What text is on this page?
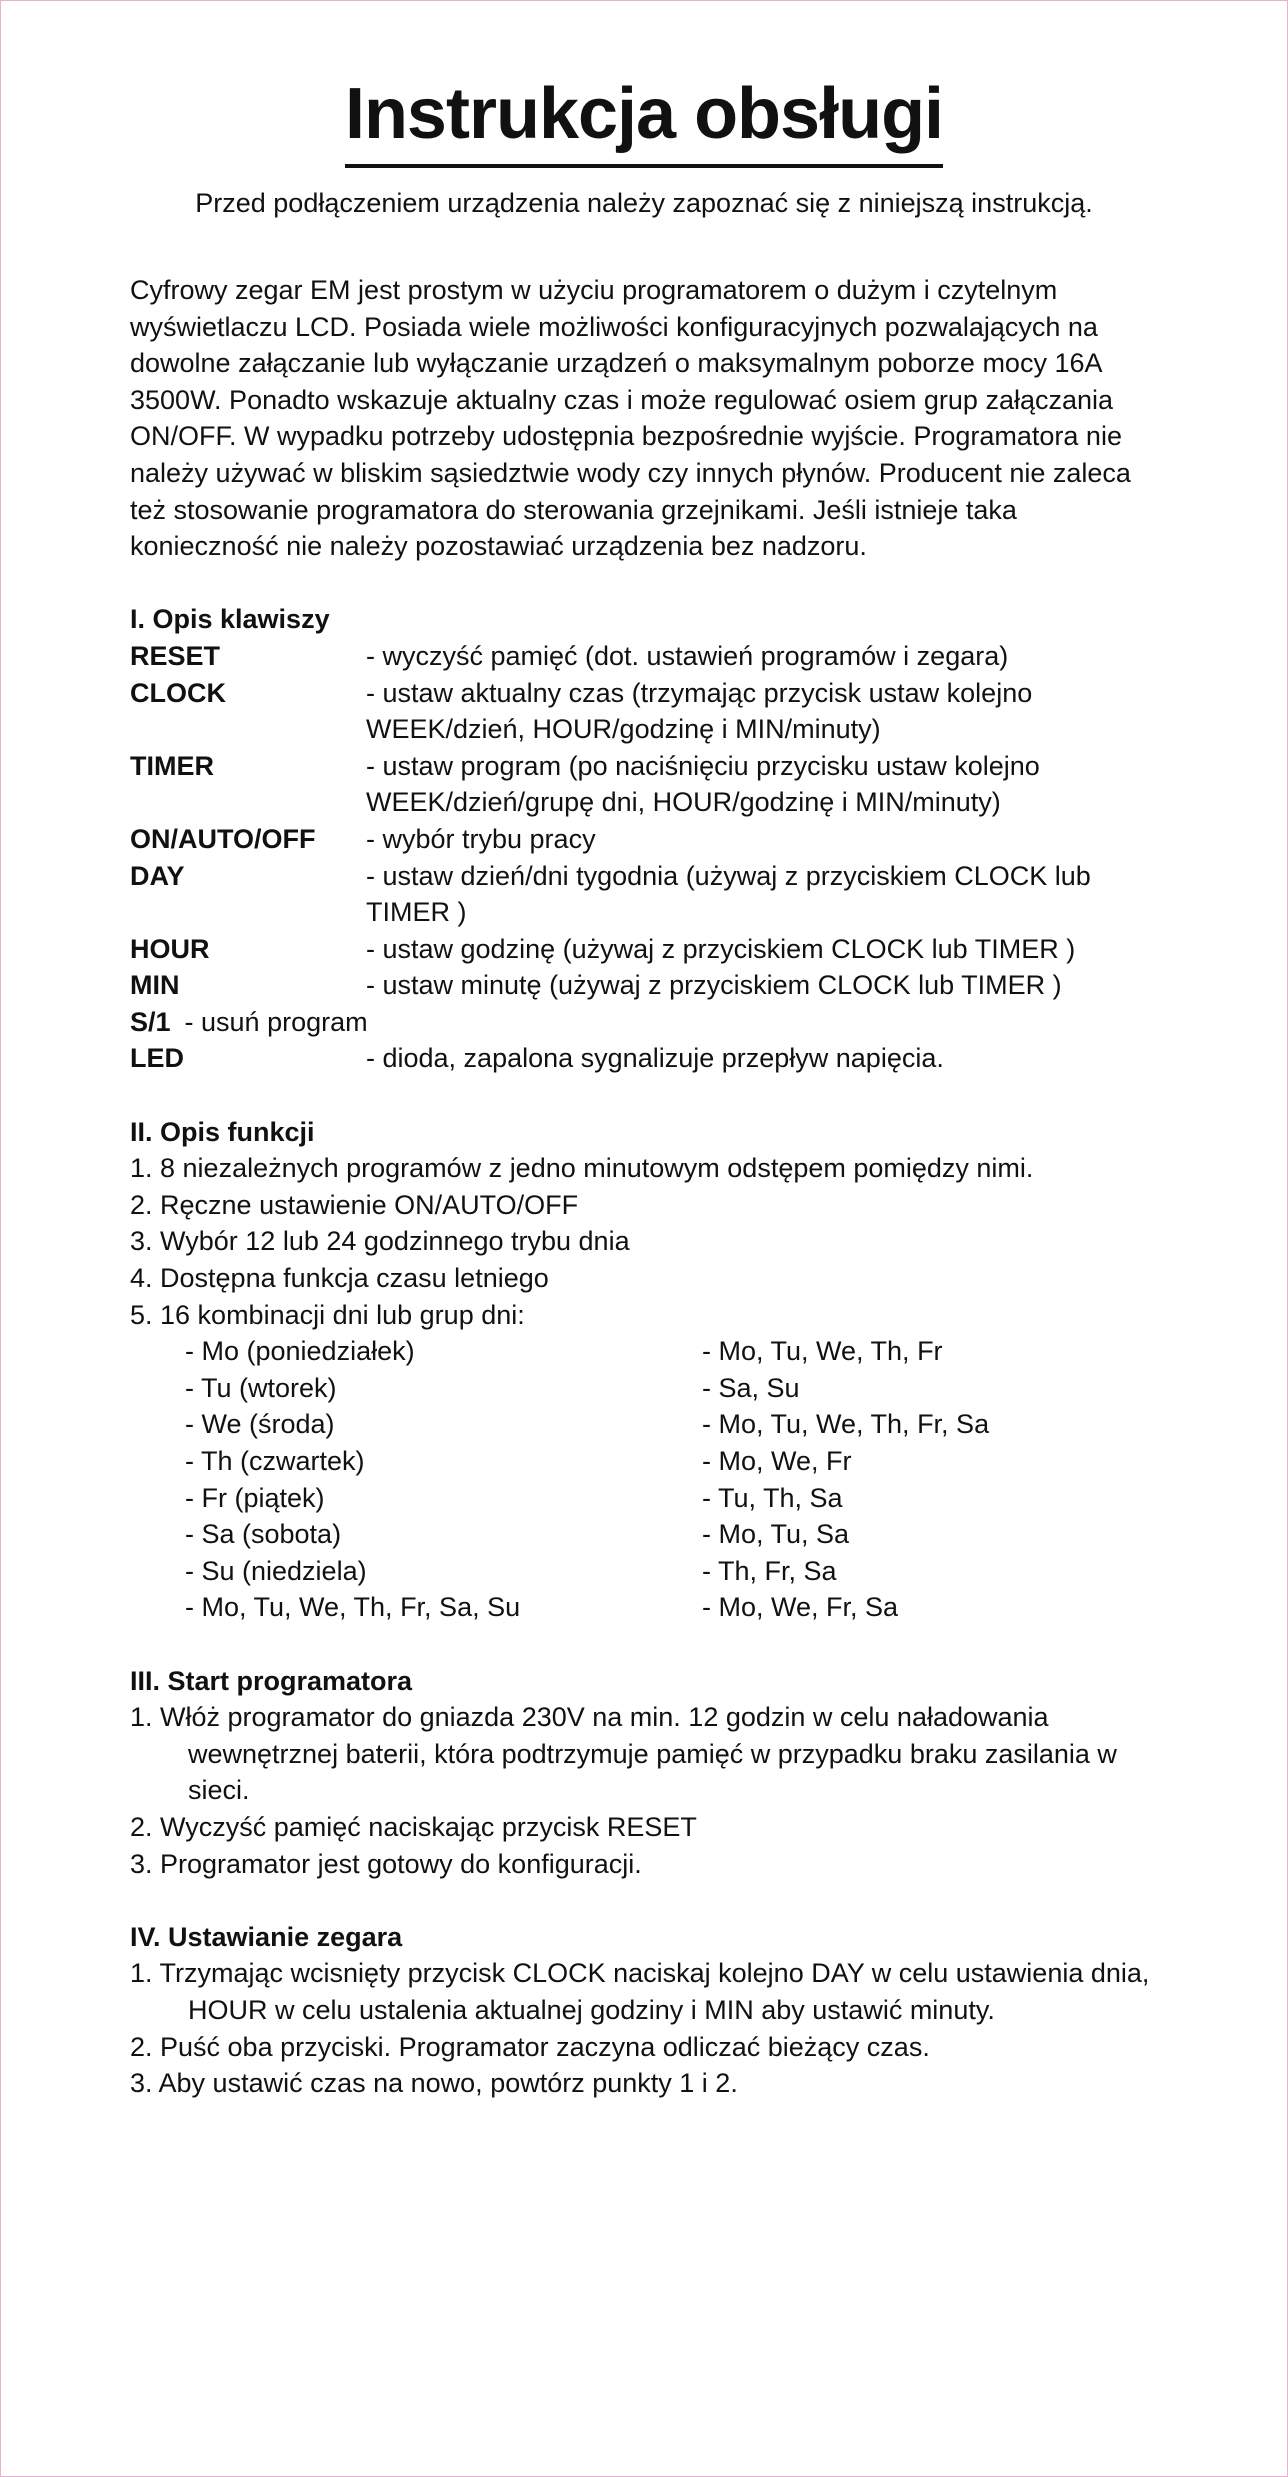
Instrukcja obsługi
Przed podłączeniem urządzenia należy zapoznać się z niniejszą instrukcją.

Cyfrowy zegar EM jest prostym w użyciu programatorem o dużym i czytelnym wyświetlaczu LCD. Posiada wiele możliwości konfiguracyjnych pozwalających na dowolne załączanie lub wyłączanie urządzeń o maksymalnym poborze mocy 16A 3500W. Ponadto wskazuje aktualny czas i może regulować osiem grup załączania ON/OFF. W wypadku potrzeby udostępnia bezpośrednie wyjście. Programatora nie należy używać w bliskim sąsiedztwie wody czy innych płynów. Producent nie zaleca też stosowanie programatora do sterowania grzejnikami. Jeśli istnieje taka konieczność nie należy pozostawiać urządzenia bez nadzoru.

I. Opis klawiszy
RESET	- wyczyść pamięć (dot. ustawień programów i zegara)
CLOCK	- ustaw aktualny czas (trzymając przycisk ustaw kolejno WEEK/dzień, HOUR/godzinę i MIN/minuty)
TIMER	- ustaw program (po naciśnięciu przycisku ustaw kolejno WEEK/dzień/grupę dni, HOUR/godzinę i MIN/minuty)
ON/AUTO/OFF	- wybór trybu pracy
DAY	- ustaw dzień/dni tygodnia (używaj z przyciskiem CLOCK lub TIMER )
HOUR	- ustaw godzinę (używaj z przyciskiem CLOCK lub TIMER )
MIN	- ustaw minutę (używaj z przyciskiem CLOCK lub TIMER )
S/1 - usuń program
LED	- dioda, zapalona sygnalizuje przepływ napięcia.
II. Opis funkcji
1. 8 niezależnych programów z jedno minutowym odstępem pomiędzy nimi.
2. Ręczne ustawienie ON/AUTO/OFF
3. Wybór 12 lub 24 godzinnego trybu dnia
4. Dostępna funkcja czasu letniego
5. 16 kombinacji dni lub grup dni:
- Mo (poniedziałek)	- Mo, Tu, We, Th, Fr
- Tu (wtorek)	- Sa, Su
- We (środa)	- Mo, Tu, We, Th, Fr, Sa
- Th (czwartek)	- Mo, We, Fr
- Fr (piątek)	- Tu, Th, Sa
- Sa (sobota)	- Mo, Tu, Sa
- Su (niedziela)	- Th, Fr, Sa
- Mo, Tu, We, Th, Fr, Sa, Su	- Mo, We, Fr, Sa
III. Start programatora
1. Włóż programator do gniazda 230V na min. 12 godzin w celu naładowania wewnętrznej baterii, która podtrzymuje pamięć w przypadku braku zasilania w sieci.
2. Wyczyść pamięć naciskając przycisk RESET
3. Programator jest gotowy do konfiguracji.
IV. Ustawianie zegara
1. Trzymając wcisnięty przycisk CLOCK naciskaj kolejno DAY w celu ustawienia dnia, HOUR w celu ustalenia aktualnej godziny i MIN aby ustawić minuty.
2. Puść oba przyciski. Programator zaczyna odliczać bieżący czas.
3. Aby ustawić czas na nowo, powtórz punkty 1 i 2.
